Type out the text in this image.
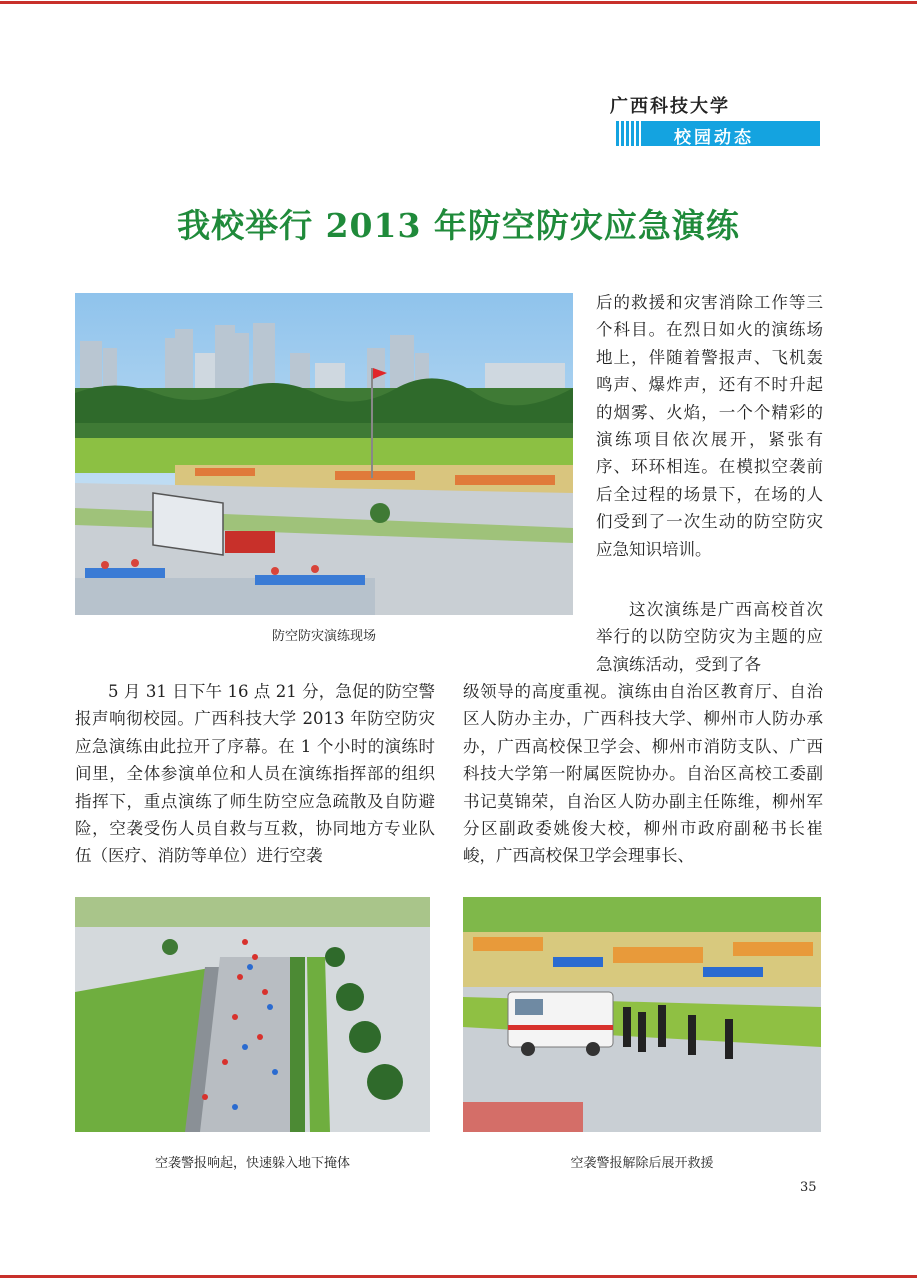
广西科技大学
校园动态
我校举行 2013 年防空防灾应急演练
防空防灾演练现场

后的救援和灾害消除工作等三个科目。在烈日如火的演练场地上，伴随着警报声、飞机轰鸣声、爆炸声，还有不时升起的烟雾、火焰，一个个精彩的演练项目依次展开，紧张有序、环环相连。在模拟空袭前后全过程的场景下，在场的人们受到了一次生动的防空防灾应急知识培训。

这次演练是广西高校首次举行的以防空防灾为主题的应急演练活动，受到了各

5 月 31 日下午 16 点 21 分，急促的防空警报声响彻校园。广西科技大学 2013 年防空防灾应急演练由此拉开了序幕。在 1 个小时的演练时间里，全体参演单位和人员在演练指挥部的组织指挥下，重点演练了师生防空应急疏散及自防避险，空袭受伤人员自救与互救，协同地方专业队伍（医疗、消防等单位）进行空袭

级领导的高度重视。演练由自治区教育厅、自治区人防办主办，广西科技大学、柳州市人防办承办，广西高校保卫学会、柳州市消防支队、广西科技大学第一附属医院协办。自治区高校工委副书记莫锦荣，自治区人防办副主任陈维，柳州军分区副政委姚俊大校，柳州市政府副秘书长崔峻，广西高校保卫学会理事长、

空袭警报响起，快速躲入地下掩体	空袭警报解除后展开救援
35
